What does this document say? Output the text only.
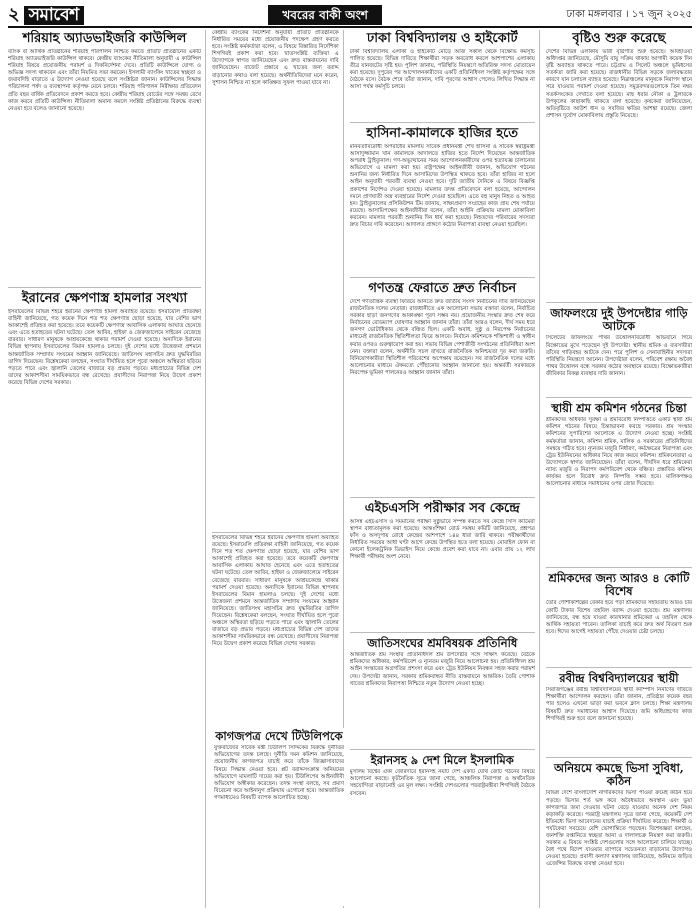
২ সমাবেশ	খবরের বাকী অংশ	ঢাকা মঙ্গলবার । ১৭ জুন ২০২৫
শরিয়াহ অ্যাডভাইজরি কাউন্সিল
ব্যাংক বা আর্থিক প্রতিষ্ঠানের শরিয়াহ পরিপালন নিশ্চিত করতে প্রতিটি প্রতিষ্ঠানের একটি শরিয়াহ অ্যাডভাইজরি কাউন্সিল থাকবে। কেন্দ্রীয় ব্যাংকের নীতিমালা অনুযায়ী এ কাউন্সিল শরিয়াহ বিষয়ে প্রয়োজনীয় পরামর্শ ও দিকনির্দেশনা দেবে। প্রতিটি কাউন্সিলে যোগ্য ও অভিজ্ঞ সদস্য থাকবেন এবং তাঁরা নিয়মিত সভা করবেন। ইসলামী ব্যাংকিং খাতের স্বচ্ছতা ও জবাবদিহি বাড়াতে এ উদ্যোগ নেওয়া হয়েছে বলে সংশ্লিষ্টরা জানান। কাউন্সিলের সিদ্ধান্ত পরিচালনা পর্ষদ ও ব্যবস্থাপনা কর্তৃপক্ষ মেনে চলবে। শরিয়াহ পরিপালন নিরীক্ষার প্রতিবেদন প্রতি বছর বার্ষিক প্রতিবেদনে প্রকাশ করতে হবে। কেন্দ্রীয় শরিয়াহ বোর্ডের সঙ্গে সমন্বয় রেখে কাজ করবে প্রতিটি কাউন্সিল। নীতিমালা অমান্য করলে সংশ্লিষ্ট প্রতিষ্ঠানের বিরুদ্ধে ব্যবস্থা নেওয়া হবে বলেও জানানো হয়েছে।
ইরানের ক্ষেপণাস্ত্র হামলার সংখ্যা
ইসরায়েলের বিভিন্ন শহরে ইরানের ক্ষেপণাস্ত্র হামলা অব্যাহত রয়েছে। ইসরায়েলি প্রতিরক্ষা বাহিনী জানিয়েছে, গত কয়েক দিনে শত শত ক্ষেপণাস্ত্র ছোড়া হয়েছে, যার বেশির ভাগ আকাশেই প্রতিহত করা হয়েছে। তবে কয়েকটি ক্ষেপণাস্ত্র আবাসিক এলাকায় আঘাত হেনেছে এবং এতে হতাহতের ঘটনা ঘটেছে। তেল আবিব, হাইফা ও জেরুজালেমে সাইরেন বেজেছে বারবার। সাধারণ মানুষকে আশ্রয়কেন্দ্রে থাকার পরামর্শ দেওয়া হয়েছে। অন্যদিকে ইরানের বিভিন্ন স্থাপনায় ইসরায়েলের বিমান হামলাও চলছে। দুই দেশের মধ্যে উত্তেজনা প্রশমনে আন্তর্জাতিক সম্প্রদায় সংযমের আহ্বান জানিয়েছে। জাতিসংঘ মহাসচিব দ্রুত যুদ্ধবিরতির তাগিদ দিয়েছেন। বিশ্লেষকেরা বলছেন, সংঘাত দীর্ঘায়িত হলে পুরো অঞ্চলে অস্থিরতা ছড়িয়ে পড়তে পারে এবং জ্বালানি তেলের বাজারে বড় প্রভাব পড়বে। মধ্যপ্রাচ্যের বিভিন্ন দেশ তাদের আকাশসীমা সাময়িকভাবে বন্ধ রেখেছে। প্রবাসীদের নিরাপত্তা নিয়ে উদ্বেগ প্রকাশ করেছে বিভিন্ন দেশের সরকার।
কেন্দ্রীয় ব্যাংকের নির্দেশনা অনুযায়ী প্রতিটি প্রতিষ্ঠানকে নির্ধারিত সময়ের মধ্যে প্রয়োজনীয় পদক্ষেপ গ্রহণ করতে হবে। সংশ্লিষ্ট কর্মকর্তারা বলেন, এ বিষয়ে বিস্তারিত নির্দেশিকা শিগগিরই প্রকাশ করা হবে। খাতসংশ্লিষ্ট ব্যক্তিরা এ উদ্যোগকে স্বাগত জানিয়েছেন এবং দ্রুত বাস্তবায়নের দাবি জানিয়েছেন। বাজেট প্রস্তাবে এ খাতের জন্য বরাদ্দ বাড়ানোর কথাও বলা হয়েছে। অর্থনীতিবিদেরা মনে করেন, সুশাসন নিশ্চিত না হলে কাঙ্ক্ষিত সুফল পাওয়া যাবে না।
ইসরায়েলের বিভিন্ন শহরে ইরানের ক্ষেপণাস্ত্র হামলা অব্যাহত রয়েছে। ইসরায়েলি প্রতিরক্ষা বাহিনী জানিয়েছে, গত কয়েক দিনে শত শত ক্ষেপণাস্ত্র ছোড়া হয়েছে, যার বেশির ভাগ আকাশেই প্রতিহত করা হয়েছে। তবে কয়েকটি ক্ষেপণাস্ত্র আবাসিক এলাকায় আঘাত হেনেছে এবং এতে হতাহতের ঘটনা ঘটেছে। তেল আবিব, হাইফা ও জেরুজালেমে সাইরেন বেজেছে বারবার। সাধারণ মানুষকে আশ্রয়কেন্দ্রে থাকার পরামর্শ দেওয়া হয়েছে। অন্যদিকে ইরানের বিভিন্ন স্থাপনায় ইসরায়েলের বিমান হামলাও চলছে। দুই দেশের মধ্যে উত্তেজনা প্রশমনে আন্তর্জাতিক সম্প্রদায় সংযমের আহ্বান জানিয়েছে। জাতিসংঘ মহাসচিব দ্রুত যুদ্ধবিরতির তাগিদ দিয়েছেন। বিশ্লেষকেরা বলছেন, সংঘাত দীর্ঘায়িত হলে পুরো অঞ্চলে অস্থিরতা ছড়িয়ে পড়তে পারে এবং জ্বালানি তেলের বাজারে বড় প্রভাব পড়বে। মধ্যপ্রাচ্যের বিভিন্ন দেশ তাদের আকাশসীমা সাময়িকভাবে বন্ধ রেখেছে। প্রবাসীদের নিরাপত্তা নিয়ে উদ্বেগ প্রকাশ করেছে বিভিন্ন দেশের সরকার।
ঢাকা বিশ্ববিদ্যালয় ও হাইকোর্ট
ঢাকা বিশ্ববিদ্যালয় এলাকা ও হাইকোর্ট মোড়ে আজ সকাল থেকে বিক্ষোভ কর্মসূচি পালিত হয়েছে। বিভিন্ন দাবিতে শিক্ষার্থীরা সড়ক অবরোধ করলে আশপাশের এলাকায় তীব্র যানজটের সৃষ্টি হয়। পুলিশ জানায়, পরিস্থিতি নিয়ন্ত্রণে অতিরিক্ত সদস্য মোতায়েন করা হয়েছে। দুপুরের পর আন্দোলনকারীদের একটি প্রতিনিধিদল সংশ্লিষ্ট কর্তৃপক্ষের সঙ্গে বৈঠকে বসে। বৈঠক শেষে তাঁরা জানান, দাবি পূরণের আশ্বাস পেলেও লিখিত সিদ্ধান্ত না আসা পর্যন্ত কর্মসূচি চলবে।
হাসিনা-কামালকে হাজির হতে
মানবতাবিরোধী অপরাধের মামলায় সাবেক প্রধানমন্ত্রী শেখ হাসিনা ও সাবেক স্বরাষ্ট্রমন্ত্রী আসাদুজ্জামান খান কামালকে আদালতে হাজির হতে নির্দেশ দিয়েছেন আন্তর্জাতিক অপরাধ ট্রাইব্যুনাল। গণ-অভ্যুত্থানের সময় আন্দোলনকারীদের ওপর হত্যাযজ্ঞ চালানোর অভিযোগে এ মামলা করা হয়। রাষ্ট্রপক্ষের আইনজীবী জানান, অভিযোগ গঠনের শুনানির জন্য নির্ধারিত দিনে আসামিদের উপস্থিত থাকতে হবে। তাঁরা হাজির না হলে আইন অনুযায়ী পরবর্তী ব্যবস্থা নেওয়া হবে। দুটি জাতীয় দৈনিকে এ বিষয়ে বিজ্ঞপ্তি প্রকাশের নির্দেশও দেওয়া হয়েছে। মামলার তদন্ত প্রতিবেদনে বলা হয়েছে, আন্দোলন দমনে প্রাণঘাতী অস্ত্র ব্যবহারের নির্দেশ দেওয়া হয়েছিল। এতে বহু মানুষ নিহত ও আহত হন। ট্রাইব্যুনালের প্রসিকিউশন টিম জানায়, সাক্ষ্যপ্রমাণ সংগ্রহের কাজ প্রায় শেষ পর্যায়ে রয়েছে। আসামিপক্ষের আইনজীবীরা বলেন, তাঁরা আইনি প্রক্রিয়ায় মামলা মোকাবিলা করবেন। মামলার পরবর্তী শুনানির দিন ধার্য করা হয়েছে। নিহতদের পরিবারের সদস্যরা দ্রুত বিচার দাবি করেছেন। আদালত প্রাঙ্গণে কঠোর নিরাপত্তা ব্যবস্থা নেওয়া হয়েছিল।
গণতন্ত্র ফেরাতে দ্রুত নির্বাচন
দেশে গণতান্ত্রিক ব্যবস্থা ফিরিয়ে আনতে দ্রুত জাতীয় সংসদ নির্বাচনের দাবি জানিয়েছেন রাজনৈতিক দলের নেতারা। রাজধানীতে এক আলোচনা সভায় বক্তারা বলেন, নির্বাচিত সরকার ছাড়া জনগণের আকাঙ্ক্ষা পূরণ সম্ভব নয়। প্রয়োজনীয় সংস্কার দ্রুত শেষ করে নির্বাচনের রোডম্যাপ ঘোষণার আহ্বান জানান তাঁরা। তাঁরা আরও বলেন, দীর্ঘ সময় ধরে জনগণ ভোটাধিকার থেকে বঞ্চিত ছিল। একটি অবাধ, সুষ্ঠু ও নিরপেক্ষ নির্বাচনের মাধ্যমেই রাজনৈতিক স্থিতিশীলতা ফিরে আসবে। নির্বাচন কমিশনকে শক্তিশালী ও স্বাধীন করার ওপরও গুরুত্বারোপ করা হয়। সভায় বিভিন্ন পেশাজীবী সংগঠনের প্রতিনিধিরা অংশ নেন। বক্তারা বলেন, অর্থনীতি সচল রাখতে রাজনৈতিক অনিশ্চয়তা দূর করা জরুরি। বিনিয়োগকারীরা স্থিতিশীল পরিবেশের অপেক্ষায় রয়েছেন। সব রাজনৈতিক দলের মধ্যে আলোচনার মাধ্যমে ঐকমত্যে পৌঁছানোর আহ্বান জানানো হয়। অন্তর্বর্তী সরকারকে নিরপেক্ষ ভূমিকা পালনেরও আহ্বান জানান তাঁরা।
এইচএসসি পরীক্ষার সব কেন্দ্রে
আসন্ন এইচএসসি ও সমমানের পরীক্ষা সুষ্ঠুভাবে সম্পন্ন করতে সব কেন্দ্রে সিসি ক্যামেরা স্থাপন বাধ্যতামূলক করা হয়েছে। আন্তঃশিক্ষা বোর্ড সমন্বয় কমিটি জানিয়েছে, প্রশ্নপত্র ফাঁস ও অসদুপায় রোধে কেন্দ্রের আশপাশে ১৪৪ ধারা জারি থাকবে। পরীক্ষার্থীদের নির্ধারিত সময়ের আধা ঘণ্টা আগে কেন্দ্রে উপস্থিত হতে বলা হয়েছে। মোবাইল ফোন বা কোনো ইলেকট্রনিক ডিভাইস নিয়ে কেন্দ্রে প্রবেশ করা যাবে না। এবার প্রায় ১২ লাখ শিক্ষার্থী পরীক্ষায় অংশ নেবে।
জাতিসংঘের শ্রমবিষয়ক প্রতিনিধি
আন্তর্জাতিক শ্রম সংস্থার প্রতিনিধিদল শ্রম উপদেষ্টার সঙ্গে সাক্ষাৎ করেছে। বৈঠকে শ্রমিকদের অধিকার, কর্মপরিবেশ ও ন্যূনতম মজুরি নিয়ে আলোচনা হয়। প্রতিনিধিদল শ্রম আইন সংস্কারের অগ্রগতির প্রশংসা করে এবং ট্রেড ইউনিয়ন নিবন্ধন সহজ করার পরামর্শ দেয়। উপদেষ্টা জানান, সরকার শ্রমিকবান্ধব নীতি বাস্তবায়নে আন্তরিক। তৈরি পোশাক খাতের শ্রমিকদের নিরাপত্তা নিশ্চিতে নতুন উদ্যোগ নেওয়া হচ্ছে।
ইরানসহ ৯ দেশ মিলে ইসলামিক
মুসলিম বিশ্বের ঐক্য জোরদারে ইরানসহ নয়টি দেশ একটি যৌথ জোট গঠনের বিষয়ে আলোচনা করছে। কূটনৈতিক সূত্রে জানা গেছে, আঞ্চলিক নিরাপত্তা ও অর্থনৈতিক সহযোগিতা বাড়ানোই এর মূল লক্ষ্য। সংশ্লিষ্ট দেশগুলোর পররাষ্ট্রমন্ত্রীরা শিগগিরই বৈঠকে বসবেন।
বৃষ্টিও শুরু করেছে
দেশের বিভিন্ন এলাকায় ভারী বৃষ্টিপাত শুরু হয়েছে। আবহাওয়া অধিদপ্তর জানিয়েছে, মৌসুমি বায়ু সক্রিয় থাকায় আগামী কয়েক দিন বৃষ্টি অব্যাহত থাকতে পারে। চট্টগ্রাম ও সিলেট অঞ্চলে ভূমিধসের সতর্কতা জারি করা হয়েছে। রাজধানীর বিভিন্ন সড়কে জলাবদ্ধতার কারণে যান চলাচল ব্যাহত হয়েছে। নিম্নাঞ্চলের মানুষকে নিরাপদ স্থানে সরে যাওয়ার পরামর্শ দেওয়া হয়েছে। সমুদ্রবন্দরগুলোকে তিন নম্বর সতর্কসংকেত দেখাতে বলা হয়েছে। মাছ ধরার নৌকা ও ট্রলারকে উপকূলের কাছাকাছি থাকতে বলা হয়েছে। কৃষকেরা জানিয়েছেন, অতিবৃষ্টিতে আউশ ধান ও সবজির ক্ষতির আশঙ্কা রয়েছে। জেলা প্রশাসন দুর্যোগ মোকাবিলায় প্রস্তুতি নিয়েছে।
জাফলংয়ে দুই উপদেষ্টার গাড়ি আটকে
সিলেটের জাফলংয়ে পাথর উত্তোলনবিরোধী অভিযানে গিয়ে বিক্ষোভের মুখে পড়েছেন দুই উপদেষ্টা। স্থানীয় শ্রমিক ও ব্যবসায়ীরা তাঁদের গাড়িবহর আটকে দেন। পরে পুলিশ ও সেনাবাহিনীর সদস্যরা পরিস্থিতি নিয়ন্ত্রণে আনেন। উপদেষ্টারা বলেন, পরিবেশ রক্ষায় অবৈধ পাথর উত্তোলন বন্ধে সরকার কঠোর অবস্থানে রয়েছে। বিক্ষোভকারীরা জীবিকার বিকল্প ব্যবস্থার দাবি জানান।
স্থায়ী শ্রম কমিশন গঠনের চিন্তা
শ্রমিকদের অধিকার সুরক্ষা ও শ্রমবিরোধ নিষ্পত্তিতে একটি স্থায়ী শ্রম কমিশন গঠনের বিষয়ে চিন্তাভাবনা করছে সরকার। শ্রম সংস্কার কমিশনের সুপারিশের আলোকে এ উদ্যোগ নেওয়া হচ্ছে। সংশ্লিষ্ট কর্মকর্তারা জানান, কমিশন শ্রমিক, মালিক ও সরকারের প্রতিনিধিদের সমন্বয়ে গঠিত হবে। ন্যূনতম মজুরি নির্ধারণ, কর্মক্ষেত্রের নিরাপত্তা এবং ট্রেড ইউনিয়নের অধিকার নিয়ে কাজ করবে কমিশন। শ্রমিকনেতারা এ উদ্যোগকে স্বাগত জানিয়েছেন। তাঁরা বলেন, দীর্ঘদিন ধরে শ্রমিকেরা ন্যায্য মজুরি ও নিরাপদ কর্মপরিবেশ থেকে বঞ্চিত। প্রস্তাবিত কমিশন কার্যকর হলে বিরোধ দ্রুত নিষ্পত্তি সম্ভব হবে। মালিকপক্ষও আলোচনার মাধ্যমে সমাধানের ওপর জোর দিয়েছে।
শ্রমিকদের জন্য আরও ৪ কোটি বিশেষ
তৈরি পোশাকশিল্পের বেকার হয়ে পড়া শ্রমিকদের সহায়তায় আরও চার কোটি টাকার বিশেষ তহবিল বরাদ্দ দেওয়া হয়েছে। শ্রম মন্ত্রণালয় জানিয়েছে, বন্ধ হয়ে যাওয়া কারখানার শ্রমিকেরা এ তহবিল থেকে আর্থিক সহায়তা পাবেন। তালিকা যাচাই করে দ্রুত অর্থ বিতরণ শুরু হবে। ঈদের আগেই সহায়তা পৌঁছে দেওয়ার চেষ্টা চলছে।
রবীন্দ্র বিশ্ববিদ্যালয়ের স্থায়ী
সিরাজগঞ্জের রবীন্দ্র বিশ্ববিদ্যালয়ের স্থায়ী ক্যাম্পাস নির্মাণের দাবিতে শিক্ষার্থীরা আন্দোলন করছেন। তাঁরা জানান, প্রতিষ্ঠার কয়েক বছর পার হলেও এখনো ভাড়া করা ভবনে ক্লাস চলছে। শিক্ষা মন্ত্রণালয় বিষয়টি দ্রুত সমাধানের আশ্বাস দিয়েছে। জমি অধিগ্রহণের কাজ শিগগিরই শুরু হবে বলে জানানো হয়েছে।
অনিয়মে কমছে ভিসা সুবিধা, কঠিন
বিভিন্ন দেশে বাংলাদেশি নাগরিকদের ভিসা পাওয়া ক্রমেই কঠিন হয়ে পড়ছে। ভিসার শর্ত ভঙ্গ করে অবৈধভাবে অবস্থান এবং ভুয়া কাগজপত্র জমা দেওয়ার ঘটনা বেড়ে যাওয়ায় অনেক দেশ নিয়ম কড়াকড়ি করেছে। পররাষ্ট্র মন্ত্রণালয় সূত্রে জানা গেছে, কয়েকটি দেশ ইতিমধ্যে ভিসা আবেদনের যাচাই প্রক্রিয়া দীর্ঘায়িত করেছে। শিক্ষার্থী ও পর্যটকেরা সবচেয়ে বেশি ভোগান্তিতে পড়ছেন। বিশেষজ্ঞরা বলছেন, জনশক্তি রপ্তানিতে স্বচ্ছতা আনা ও দালালচক্র নিয়ন্ত্রণ করা জরুরি। সরকার এ বিষয়ে সংশ্লিষ্ট দেশগুলোর সঙ্গে আলোচনা চালিয়ে যাচ্ছে। বৈধ পথে বিদেশ যাওয়ার ব্যাপারে সচেতনতা বাড়ানোর উদ্যোগও নেওয়া হয়েছে। প্রবাসী কল্যাণ মন্ত্রণালয় জানিয়েছে, অনিয়মে জড়িত এজেন্সির বিরুদ্ধে ব্যবস্থা নেওয়া হবে।
কাগজপত্র দেখে টিউলিপকে
যুক্তরাজ্যের সাবেক মন্ত্রী টিউলিপ সিদ্দিকের বিরুদ্ধে দুর্নীতির অভিযোগের তদন্ত চলছে। দুর্নীতি দমন কমিশন জানিয়েছে, প্রয়োজনীয় কাগজপত্র যাচাই করে তাঁকে জিজ্ঞাসাবাদের বিষয়ে সিদ্ধান্ত নেওয়া হবে। প্লট বরাদ্দসংক্রান্ত অনিয়মের অভিযোগে মামলাটি দায়ের করা হয়। টিউলিপের আইনজীবী অভিযোগ অস্বীকার করেছেন। তদন্ত সংস্থা বলছে, সব প্রমাণ বিবেচনা করে আইনানুগ প্রক্রিয়ায় এগোনো হবে। আন্তর্জাতিক গণমাধ্যমেও বিষয়টি ব্যাপক আলোচিত হচ্ছে।
